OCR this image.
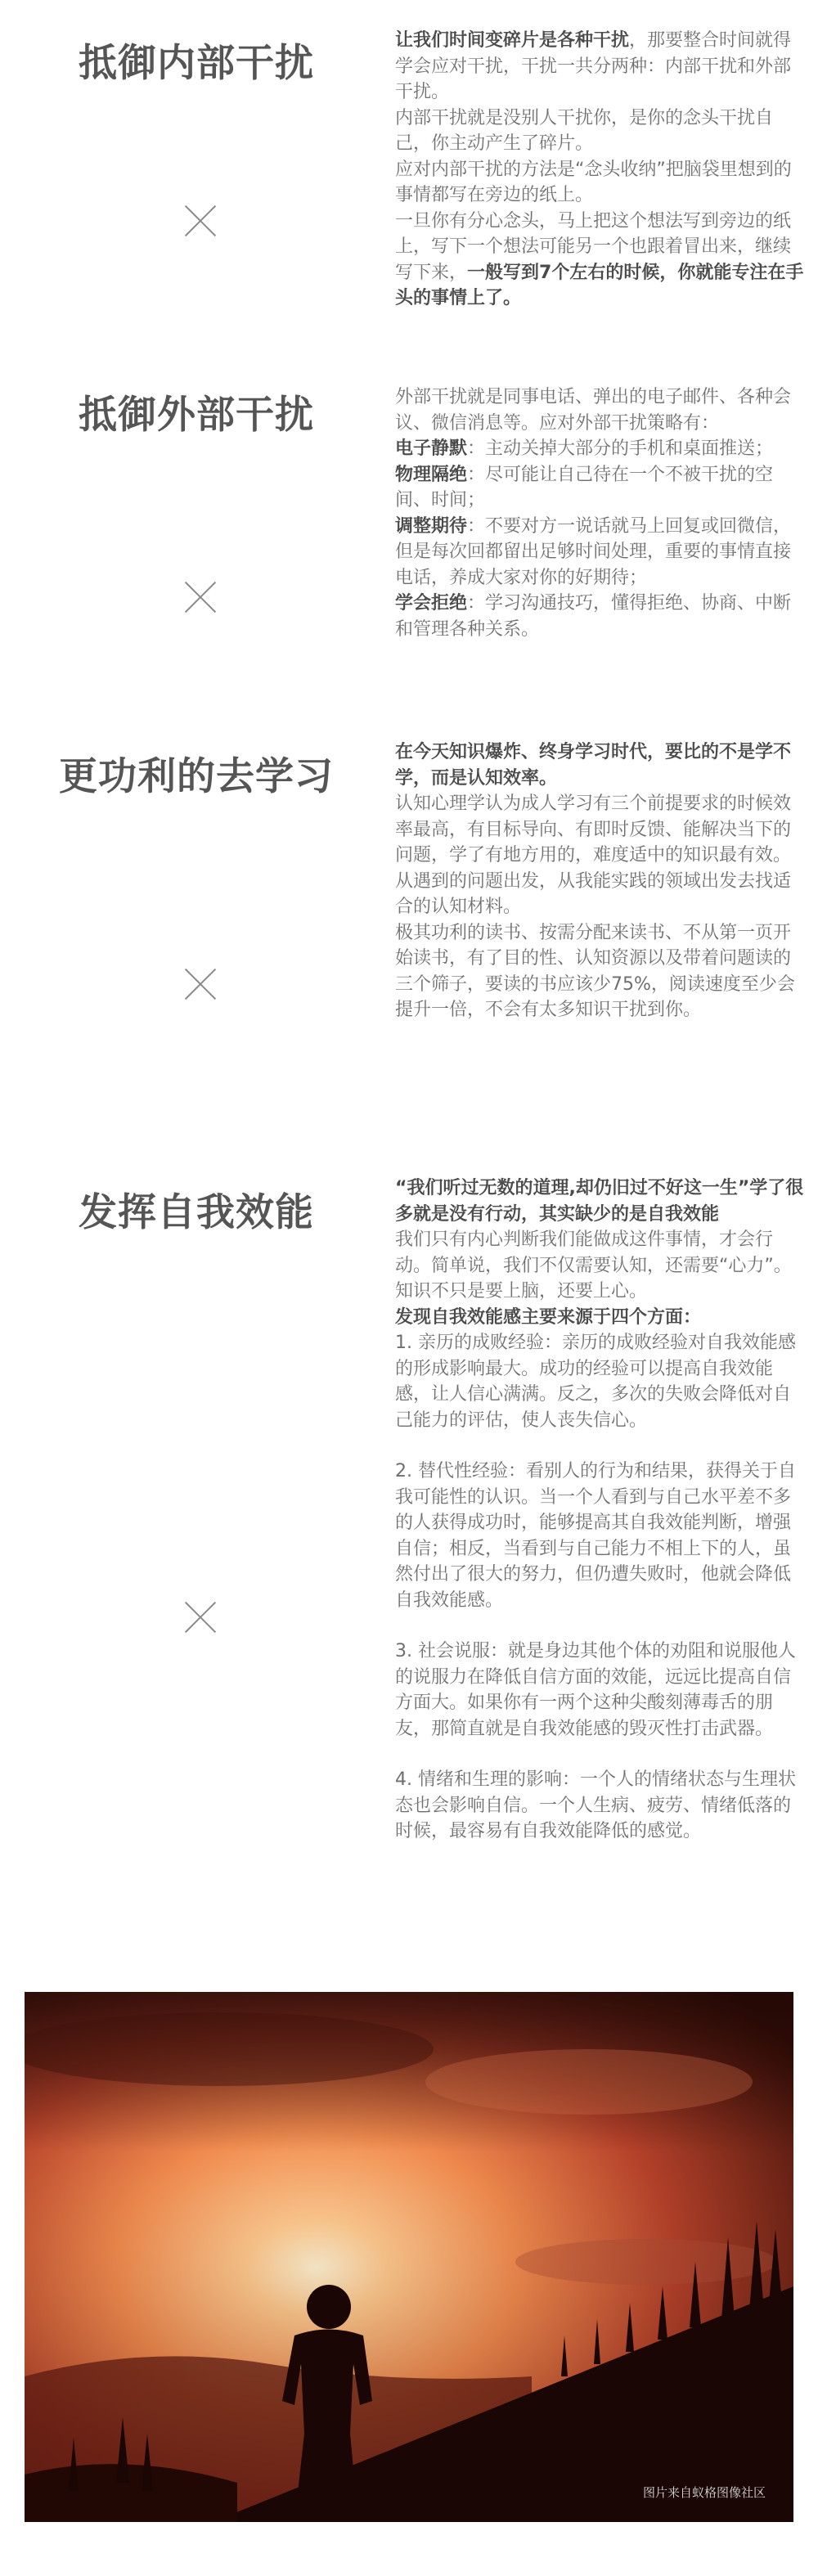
抵御内部干扰

让我们时间变碎片是各种干扰，那要整合时间就得学会应对干扰，干扰一共分两种：内部干扰和外部干扰。

内部干扰就是没别人干扰你，是你的念头干扰自己，你主动产生了碎片。

应对内部干扰的方法是“念头收纳”把脑袋里想到的事情都写在旁边的纸上。

一旦你有分心念头，马上把这个想法写到旁边的纸上，写下一个想法可能另一个也跟着冒出来，继续写下来，一般写到7个左右的时候，你就能专注在手头的事情上了。

抵御外部干扰	外部干扰就是同事电话、弹出的电子邮件、各种会议、微信消息等。应对外部干扰策略有：

电子静默：主动关掉大部分的手机和桌面推送；

物理隔绝：尽可能让自己待在一个不被干扰的空间、时间；

调整期待：不要对方一说话就马上回复或回微信，但是每次回都留出足够时间处理，重要的事情直接电话，养成大家对你的好期待；

学会拒绝：学习沟通技巧，懂得拒绝、协商、中断和管理各种关系。

更功利的去学习

在今天知识爆炸、终身学习时代，要比的不是学不学，而是认知效率。

认知心理学认为成人学习有三个前提要求的时候效率最高，有目标导向、有即时反馈、能解决当下的问题，学了有地方用的，难度适中的知识最有效。

从遇到的问题出发，从我能实践的领域出发去找适合的认知材料。

极其功利的读书、按需分配来读书、不从第一页开始读书，有了目的性、认知资源以及带着问题读的三个筛子，要读的书应该少75%，阅读速度至少会提升一倍，不会有太多知识干扰到你。

发挥自我效能

“我们听过无数的道理,却仍旧过不好这一生”学了很多就是没有行动，其实缺少的是自我效能

我们只有内心判断我们能做成这件事情，才会行动。简单说，我们不仅需要认知，还需要“心力”。知识不只是要上脑，还要上心。

发现自我效能感主要来源于四个方面：

1. 亲历的成败经验：亲历的成败经验对自我效能感的形成影响最大。成功的经验可以提高自我效能感，让人信心满满。反之，多次的失败会降低对自己能力的评估，使人丧失信心。

2. 替代性经验：看别人的行为和结果，获得关于自我可能性的认识。当一个人看到与自己水平差不多的人获得成功时，能够提高其自我效能判断，增强自信；相反，当看到与自己能力不相上下的人，虽然付出了很大的努力，但仍遭失败时，他就会降低自我效能感。

3. 社会说服：就是身边其他个体的劝阻和说服他人的说服力在降低自信方面的效能，远远比提高自信方面大。如果你有一两个这种尖酸刻薄毒舌的朋友，那简直就是自我效能感的毁灭性打击武器。

4. 情绪和生理的影响：一个人的情绪状态与生理状态也会影响自信。一个人生病、疲劳、情绪低落的时候，最容易有自我效能降低的感觉。

图片来自蚁格图像社区
